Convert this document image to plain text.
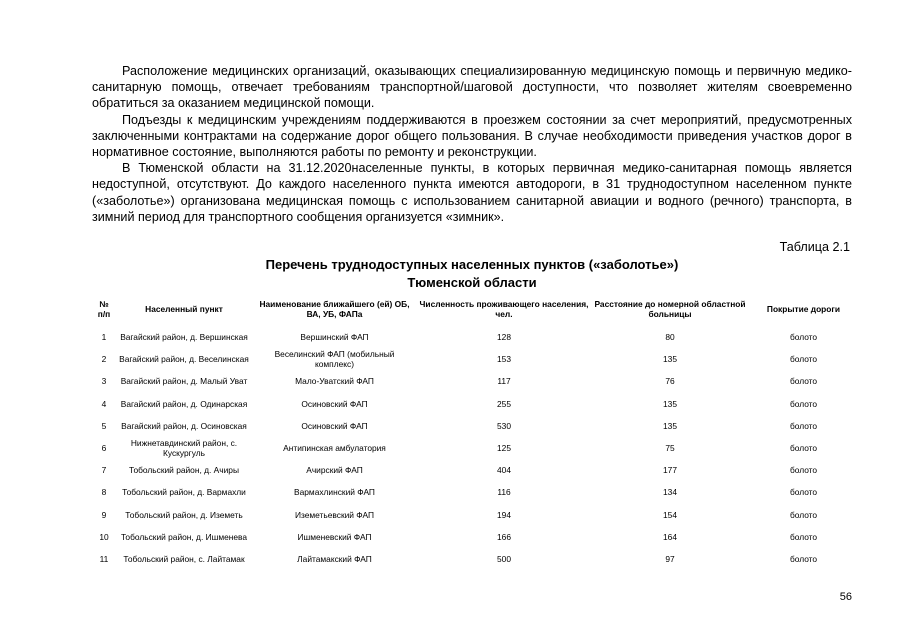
Расположение медицинских организаций, оказывающих специализированную медицинскую помощь и первичную медико-санитарную помощь, отвечает требованиям транспортной/шаговой доступности, что позволяет жителям своевременно обратиться за оказанием медицинской помощи.

Подъезды к медицинским учреждениям поддерживаются в проезжем состоянии за счет мероприятий, предусмотренных заключенными контрактами на содержание дорог общего пользования. В случае необходимости приведения участков дорог в нормативное состояние, выполняются работы по ремонту и реконструкции.

В Тюменской области на 31.12.2020населенные пункты, в которых первичная медико-санитарная помощь является недоступной, отсутствуют. До каждого населенного пункта имеются автодороги, в 31 труднодоступном населенном пункте («заболотье») организована медицинская помощь с использованием санитарной авиации и водного (речного) транспорта, в зимний период для транспортного сообщения организуется «зимник».

Таблица 2.1
Перечень труднодоступных населенных пунктов («заболотье»)
Тюменской области
№ п/п	Населенный пункт	Наименование ближайшего (ей) ОБ, ВА, УБ, ФАПа	Численность проживающего населения, чел.	Расстояние до номерной областной больницы	Покрытие дороги
1	Вагайский район, д. Вершинская	Вершинский ФАП	128	80	болото
2	Вагайский район, д. Веселинская	Веселинский ФАП (мобильный комплекс)	153	135	болото
3	Вагайский район, д. Малый Уват	Мало-Уватский ФАП	117	76	болото
4	Вагайский район, д. Одинарская	Осиновский ФАП	255	135	болото
5	Вагайский район, д. Осиновская	Осиновский ФАП	530	135	болото
6	Нижнетавдинский район, с. Кускургуль	Антипинская амбулатория	125	75	болото
7	Тобольский район, д. Ачиры	Ачирский ФАП	404	177	болото
8	Тобольский район, д. Вармахли	Вармахлинский ФАП	116	134	болото
9	Тобольский район, д. Иземеть	Иземетьевский ФАП	194	154	болото
10	Тобольский район, д. Ишменева	Ишменевский ФАП	166	164	болото
11	Тобольский район, с. Лайтамак	Лайтамакский ФАП	500	97	болото
56
